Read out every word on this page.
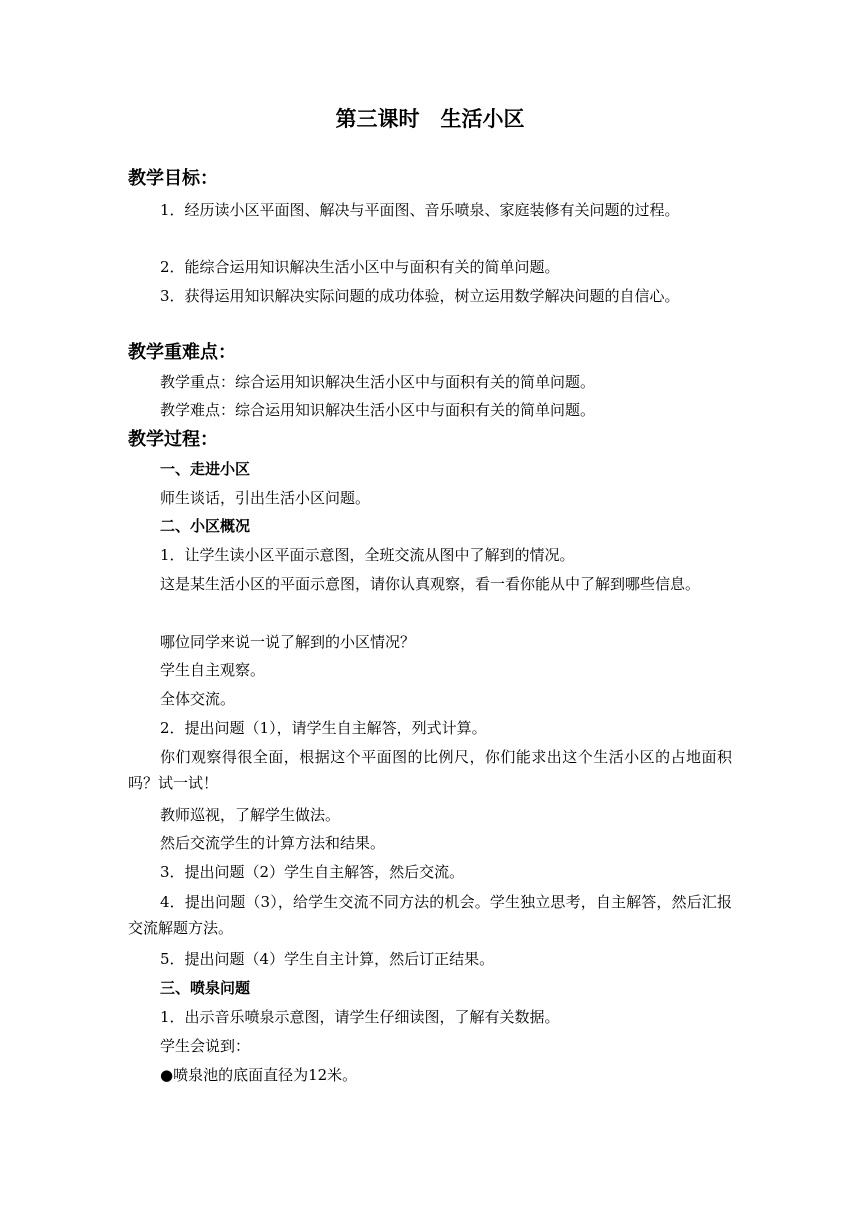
第三课时　生活小区
教学目标：
1．经历读小区平面图、解决与平面图、音乐喷泉、家庭装修有关问题的过程。
2．能综合运用知识解决生活小区中与面积有关的简单问题。
3．获得运用知识解决实际问题的成功体验，树立运用数学解决问题的自信心。
教学重难点：
教学重点：综合运用知识解决生活小区中与面积有关的简单问题。
教学难点：综合运用知识解决生活小区中与面积有关的简单问题。
教学过程：
一、走进小区
师生谈话，引出生活小区问题。
二、小区概况
1．让学生读小区平面示意图，全班交流从图中了解到的情况。
这是某生活小区的平面示意图，请你认真观察，看一看你能从中了解到哪些信息。
哪位同学来说一说了解到的小区情况？
学生自主观察。
全体交流。
2．提出问题（1），请学生自主解答，列式计算。
你们观察得很全面，根据这个平面图的比例尺，你们能求出这个生活小区的占地面积吗？试一试！
教师巡视，了解学生做法。
然后交流学生的计算方法和结果。
3．提出问题（2）学生自主解答，然后交流。
4．提出问题（3），给学生交流不同方法的机会。学生独立思考，自主解答，然后汇报交流解题方法。
5．提出问题（4）学生自主计算，然后订正结果。
三、喷泉问题
1．出示音乐喷泉示意图，请学生仔细读图，了解有关数据。
学生会说到：
●喷泉池的底面直径为12米。
